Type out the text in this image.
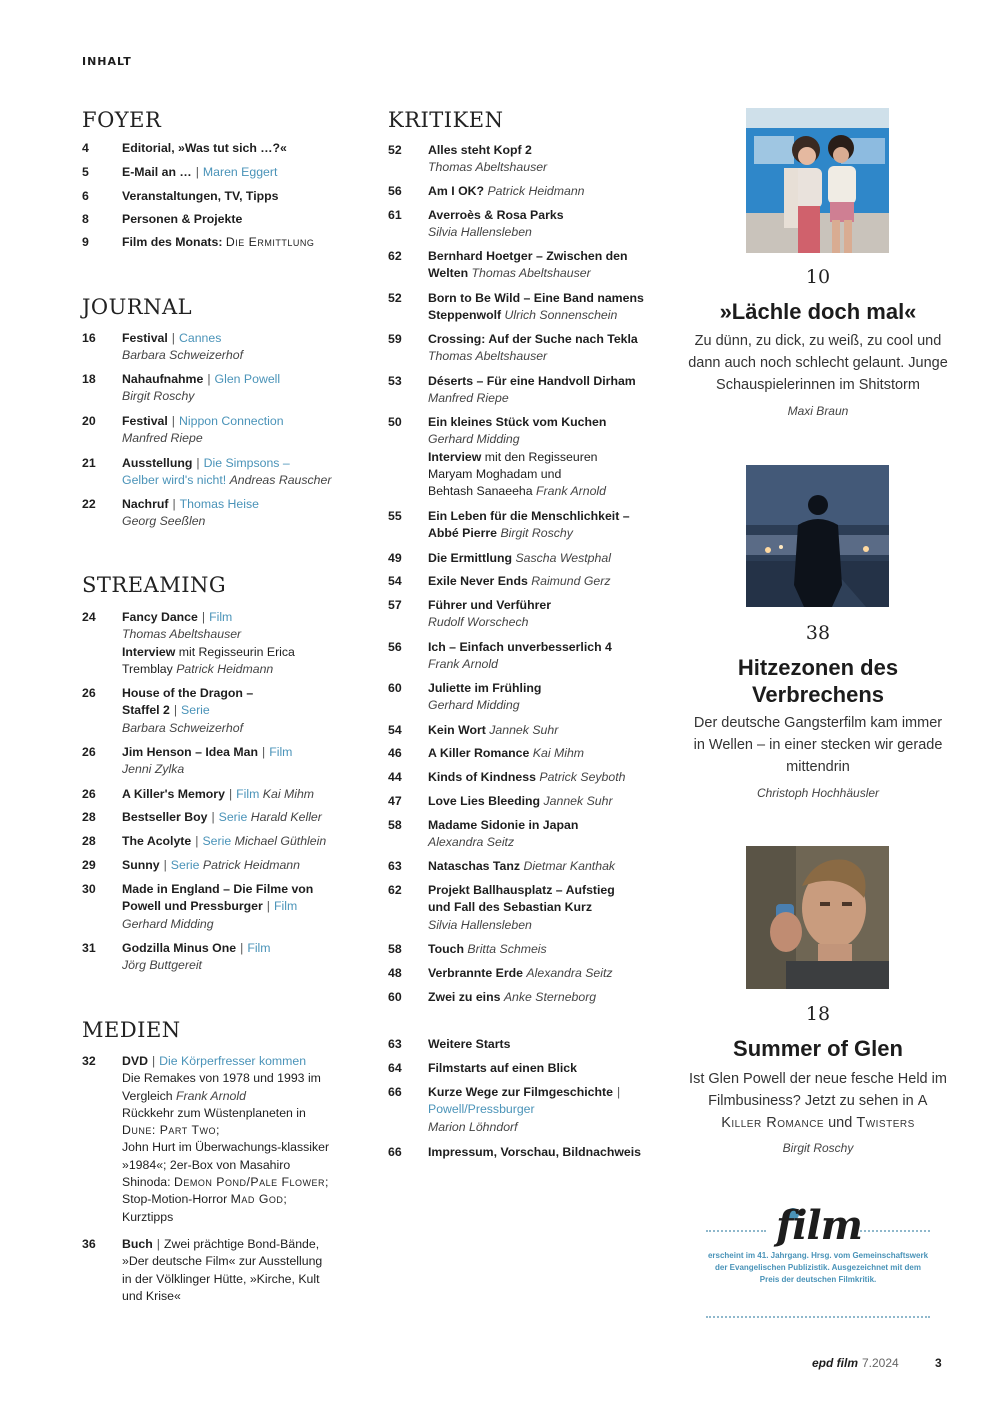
INHALT
FOYER
4	Editorial, »Was tut sich …?«
5	E-Mail an … | Maren Eggert
6	Veranstaltungen, TV, Tipps
8	Personen & Projekte
9	Film des Monats: Die Ermittlung
JOURNAL
16	Festival | Cannes
Barbara Schweizerhof
18	Nahaufnahme | Glen Powell
Birgit Roschy
20	Festival | Nippon Connection
Manfred Riepe
21	Ausstellung | Die Simpsons –
Gelber wird's nicht! Andreas Rauscher
22	Nachruf | Thomas Heise
Georg Seeßlen
STREAMING
24	Fancy Dance | Film
Thomas Abeltshauser
Interview mit Regisseurin Erica
Tremblay Patrick Heidmann
26	House of the Dragon –
Staffel 2 | Serie
Barbara Schweizerhof
26	Jim Henson – Idea Man | Film
Jenni Zylka
26	A Killer's Memory | Film Kai Mihm
28	Bestseller Boy | Serie Harald Keller
28	The Acolyte | Serie Michael Güthlein
29	Sunny | Serie Patrick Heidmann
30	Made in England – Die Filme von
Powell und Pressburger | Film
Gerhard Midding
31	Godzilla Minus One | Film
Jörg Buttgereit
MEDIEN
32	DVD | Die Körperfresser kommen
Die Remakes von 1978 und 1993 im
Vergleich Frank Arnold
Rückkehr zum Wüstenplaneten in
Dune: Part Two;
John Hurt im Überwachungs-klassiker
»1984«; 2er-Box von Masahiro
Shinoda: Demon Pond/Pale Flower;
Stop-Motion-Horror Mad God;
Kurztipps
36	Buch | Zwei prächtige Bond-Bände,
»Der deutsche Film« zur Ausstellung
in der Völklinger Hütte, »Kirche, Kult
und Krise«
KRITIKEN
52	Alles steht Kopf 2
Thomas Abeltshauser
56	Am I OK? Patrick Heidmann
61	Averroès & Rosa Parks
Silvia Hallensleben
62	Bernhard Hoetger – Zwischen den
Welten Thomas Abeltshauser
52	Born to Be Wild – Eine Band namens
Steppenwolf Ulrich Sonnenschein
59	Crossing: Auf der Suche nach Tekla
Thomas Abeltshauser
53	Déserts – Für eine Handvoll Dirham
Manfred Riepe
50	Ein kleines Stück vom Kuchen
Gerhard Midding
Interview mit den Regisseuren
Maryam Moghadam und
Behtash Sanaeeha Frank Arnold
55	Ein Leben für die Menschlichkeit –
Abbé Pierre Birgit Roschy
49	Die Ermittlung Sascha Westphal
54	Exile Never Ends Raimund Gerz
57	Führer und Verführer
Rudolf Worschech
56	Ich – Einfach unverbesserlich 4
Frank Arnold
60	Juliette im Frühling
Gerhard Midding
54	Kein Wort Jannek Suhr
46	A Killer Romance Kai Mihm
44	Kinds of Kindness Patrick Seyboth
47	Love Lies Bleeding Jannek Suhr
58	Madame Sidonie in Japan
Alexandra Seitz
63	Nataschas Tanz Dietmar Kanthak
62	Projekt Ballhausplatz – Aufstieg
und Fall des Sebastian Kurz
Silvia Hallensleben
58	Touch Britta Schmeis
48	Verbrannte Erde Alexandra Seitz
60	Zwei zu eins Anke Sterneborg
63	Weitere Starts
64	Filmstarts auf einen Blick
66	Kurze Wege zur Filmgeschichte |
Powell/Pressburger
Marion Löhndorf
66	Impressum, Vorschau, Bildnachweis
10
»Lächle doch mal«
Zu dünn, zu dick, zu weiß, zu cool und dann auch noch schlecht gelaunt. Junge Schauspielerinnen im Shitstorm
Maxi Braun
38
Hitzezonen des Verbrechens
Der deutsche Gangsterfilm kam immer in Wellen – in einer stecken wir gerade mittendrin
Christoph Hochhäusler
18
Summer of Glen
Ist Glen Powell der neue fesche Held im Filmbusiness? Jetzt zu sehen in A Killer Romance und Twisters
Birgit Roschy
film
erscheint im 41. Jahrgang. Hrsg. vom Gemeinschaftswerk der Evangelischen Publizistik. Ausgezeichnet mit dem Preis der deutschen Filmkritik.
epd film 7.2024	3
